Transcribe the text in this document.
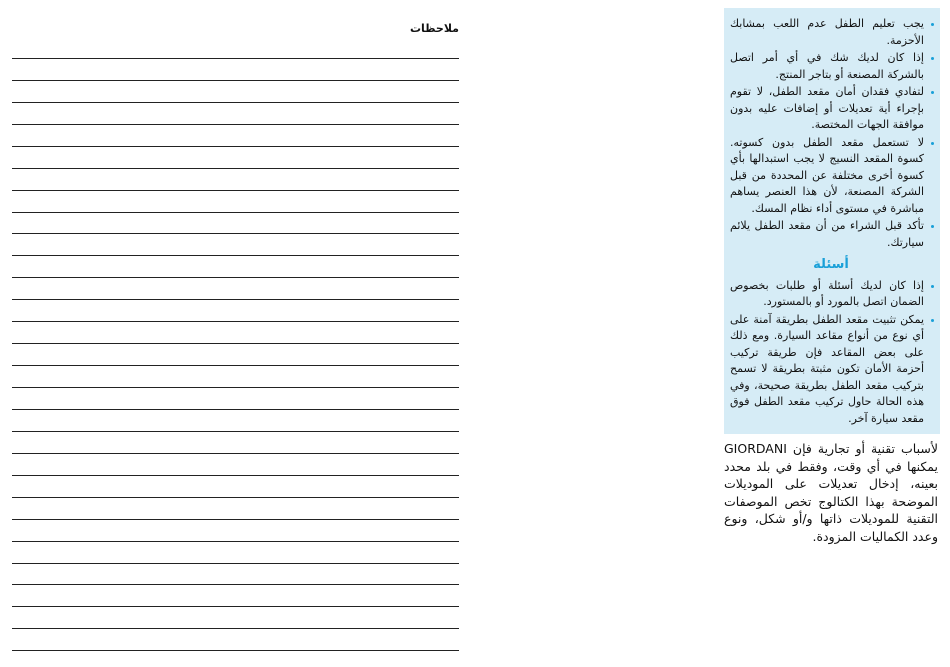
ملاحظات	يجب تعليم الطفل عدم اللعب بمشابك الأحزمة.
إذا كان لديك شك في أي أمر اتصل بالشركة المصنعة أو بتاجر المنتج.
لتفادي فقدان أمان مقعد الطفل، لا تقوم بإجراء أية تعديلات أو إضافات عليه بدون موافقة الجهات المختصة.
لا تستعمل مقعد الطفل بدون كسوته. كسوة المقعد النسيج لا يجب استبدالها بأي كسوة أخرى مختلفة عن المحددة من قبل الشركة المصنعة، لأن هذا العنصر يساهم مباشرة في مستوى أداء نظام المسك.
تأكد قبل الشراء من أن مقعد الطفل يلائم سيارتك.
أسئلة
إذا كان لديك أسئلة أو طلبات بخصوص الضمان اتصل بالمورد أو بالمستورد.
يمكن تثبيت مقعد الطفل بطريقة آمنة على أي نوع من أنواع مقاعد السيارة. ومع ذلك على بعض المقاعد فإن طريقة تركيب أحزمة الأمان تكون مثبتة بطريقة لا تسمح بتركيب مقعد الطفل بطريقة صحيحة، وفي هذه الحالة حاول تركيب مقعد الطفل فوق مقعد سيارة آخر.
لأسباب تقنية أو تجارية فإن GIORDANI يمكنها في أي وقت، وفقط في بلد محدد بعينه، إدخال تعديلات على الموديلات الموضحة بهذا الكتالوج تخص الموصفات التقنية للموديلات ذاتها و/أو شكل، ونوع وعدد الكماليات المزودة.
